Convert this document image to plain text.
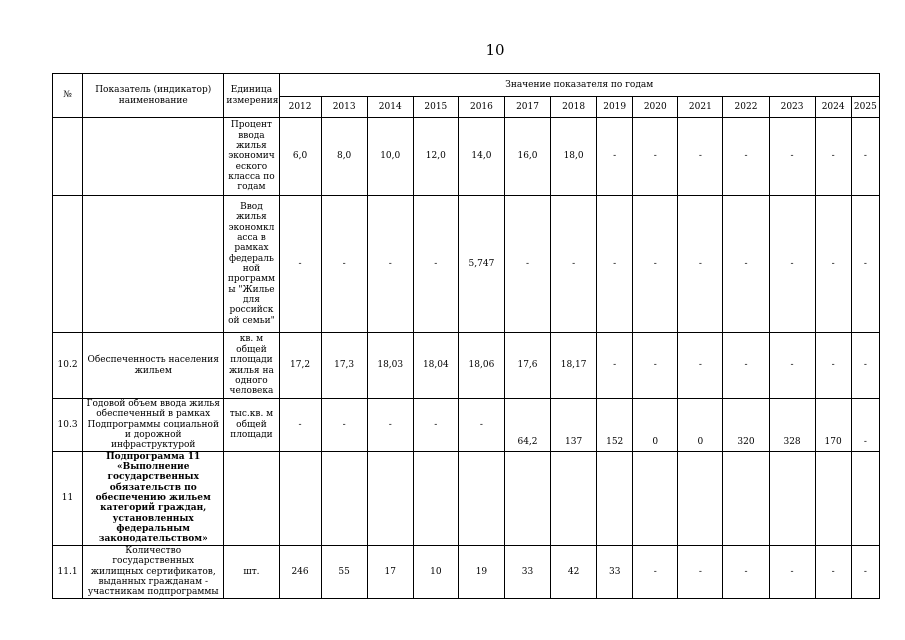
10
№	Показатель (индикатор) наименование	Единица измерения	Значение показателя по годам													
			2012	2013	2014	2015	2016	2017	2018	2019	2020	2021	2022	2023	2024	2025
		Процент ввода жилья экономич еского класса по годам	6,0	8,0	10,0	12,0	14,0	16,0	18,0	-	-	-	-	-	-	-
		Ввод жилья экономкл асса в рамках федераль ной программ ы "Жилье для российск ой семьи"	-	-	-	-	5,747	-	-	-	-	-	-	-	-	-
10.2	Обеспеченность населения жильем	кв. м общей площади жилья на одного человека	17,2	17,3	18,03	18,04	18,06	17,6	18,17	-	-	-	-	-	-	-
10.3	Годовой объем ввода жилья обеспеченный в рамках Подпрограммы социальной и дорожной инфраструктурой	тыс.кв. м общей площади	-	-	-	-	-	64,2	137	152	0	0	320	328	170	-
11	Подпрограмма 11 «Выполнение государственных обязательств по обеспечению жильем категорий граждан, установленных федеральным законодательством»															
11.1	Количество государственных жилищных сертификатов, выданных гражданам - участникам подпрограммы	шт.	246	55	17	10	19	33	42	33	-	-	-	-	-	-
